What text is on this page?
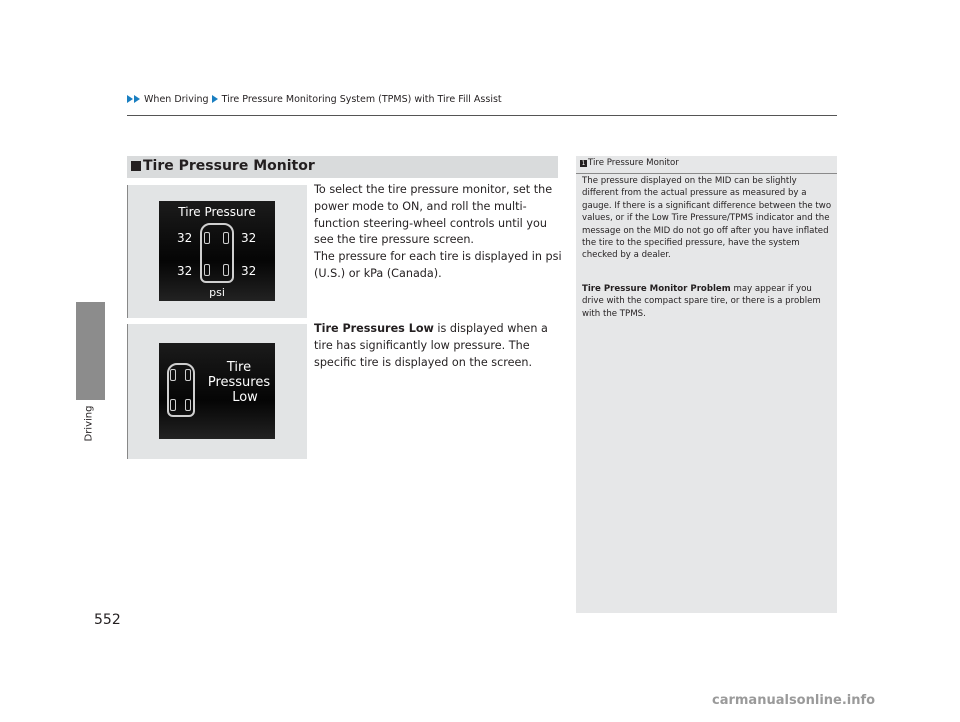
When Driving Tire Pressure Monitoring System (TPMS) with Tire Fill Assist
Driving
Tire Pressure Monitor
Tire Pressure
32	32
32	32
psi
Tire
Pressures
Low
To select the tire pressure monitor, set the power mode to ON, and roll the multi-function steering-wheel controls until you see the tire pressure screen.
The pressure for each tire is displayed in psi (U.S.) or kPa (Canada).
Tire Pressures Low is displayed when a tire has significantly low pressure. The specific tire is displayed on the screen.
1 Tire Pressure Monitor
The pressure displayed on the MID can be slightly different from the actual pressure as measured by a gauge. If there is a significant difference between the two values, or if the Low Tire Pressure/TPMS indicator and the message on the MID do not go off after you have inflated the tire to the specified pressure, have the system checked by a dealer.
Tire Pressure Monitor Problem may appear if you drive with the compact spare tire, or there is a problem with the TPMS.
552
carmanualsonline.info
